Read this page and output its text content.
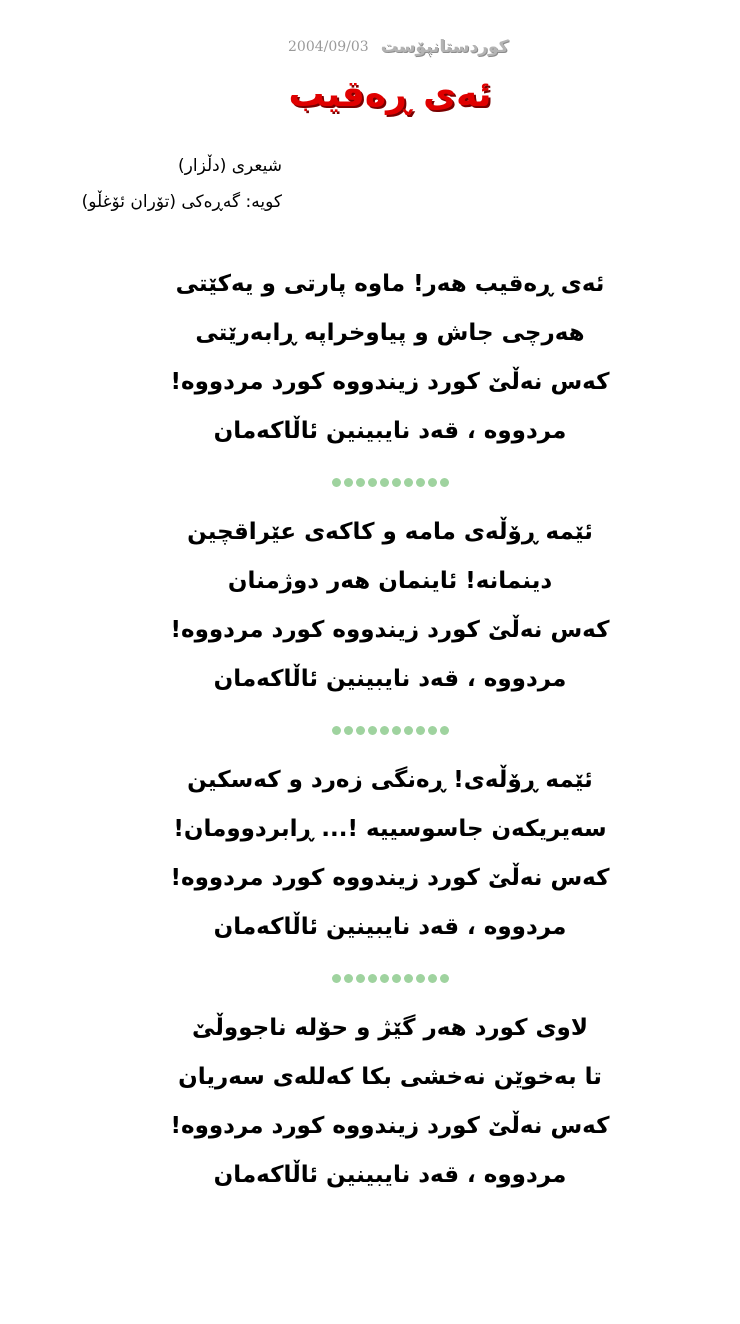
2004/09/03 كوردستانپۆست
ئەی ڕەقیب
شیعری (دڵزار)
کویە: گەڕەکی (تۆران ئۆغڵو)
ئەی ڕەقیب هەر! ماوە پارتی و یەکێتی
هەرچی جاش و پیاوخراپە ڕابەرێتی
کەس نەڵێ کورد زیندووە کورد مردووە!
مردووە ، قەد نایبینین ئاڵاکەمان
ئێمە ڕۆڵەی مامە و کاکەی عێراقچین
دینمانە! ئاینمان هەر دوژمنان
کەس نەڵێ کورد زیندووە کورد مردووە!
مردووە ، قەد نایبینین ئاڵاکەمان
ئێمە ڕۆڵەی! ڕەنگی زەرد و کەسکین
سەیریکەن جاسوسییە !... ڕابردوومان!
کەس نەڵێ کورد زیندووە کورد مردووە!
مردووە ، قەد نایبینین ئاڵاکەمان
لاوی کورد هەر گێژ و حۆلە ناجووڵێ
تا بەخوێن نەخشی بکا کەللەی سەریان
کەس نەڵێ کورد زیندووە کورد مردووە!
مردووە ، قەد نایبینین ئاڵاکەمان
